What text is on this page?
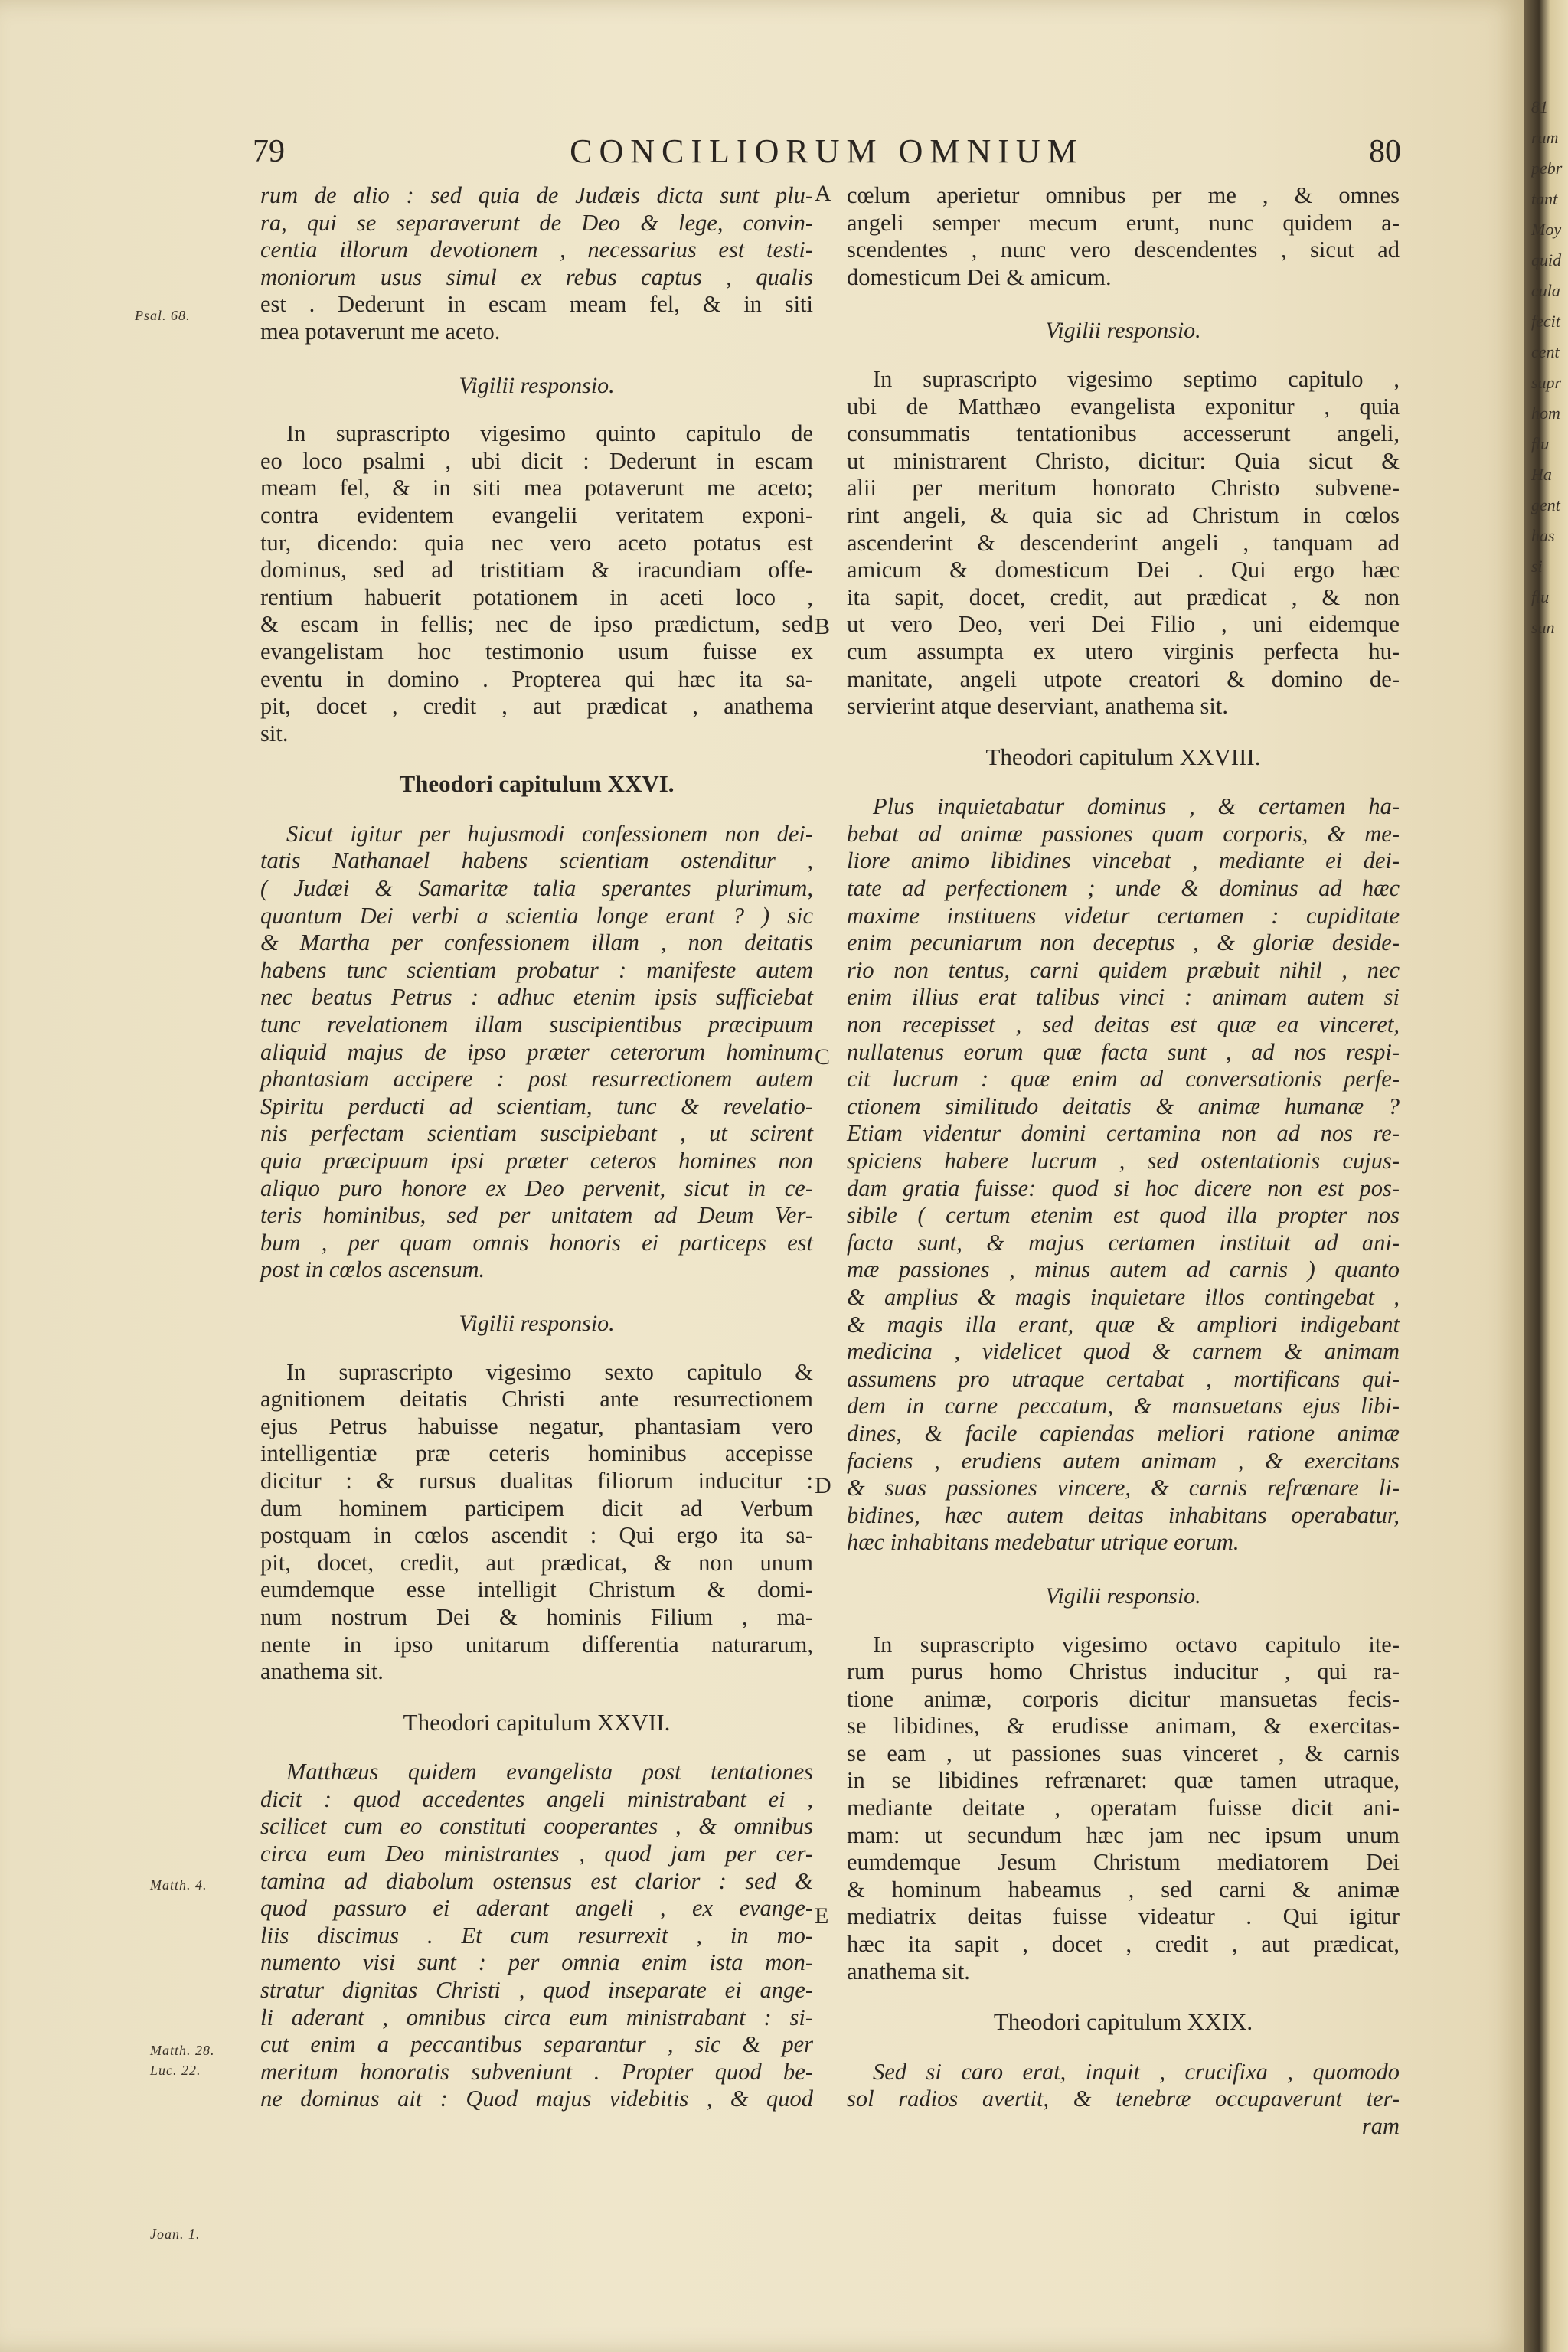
81
rum
pebr
tant
Moy
quid
cula
fecit
cent
supr
hom
flu
Ha
gent
has
si
flu
sun
79	CONCILIORUM OMNIUM	80
Psal. 68.
Matth. 4.
Matth. 28.
Luc. 22.
Joan. 1.
A
B
C
D
E
rum de alio : sed quia de Judæis dicta sunt plu-
ra, qui se separaverunt de Deo & lege, convin-
centia illorum devotionem , necessarius est testi-
moniorum usus simul ex rebus captus , qualis
est . Dederunt in escam meam fel, & in siti
mea potaverunt me aceto.
Vigilii responsio.
In suprascripto vigesimo quinto capitulo de
eo loco psalmi , ubi dicit : Dederunt in escam
meam fel, & in siti mea potaverunt me aceto;
contra evidentem evangelii veritatem exponi-
tur, dicendo: quia nec vero aceto potatus est
dominus, sed ad tristitiam & iracundiam offe-
rentium habuerit potationem in aceti loco ,
& escam in fellis; nec de ipso prædictum, sed
evangelistam hoc testimonio usum fuisse ex
eventu in domino . Propterea qui hæc ita sa-
pit, docet , credit , aut prædicat , anathema
sit.
Theodori capitulum XXVI.
Sicut igitur per hujusmodi confessionem non dei-
tatis Nathanael habens scientiam ostenditur ,
( Judæi & Samaritæ talia sperantes plurimum,
quantum Dei verbi a scientia longe erant ? ) sic
& Martha per confessionem illam , non deitatis
habens tunc scientiam probatur : manifeste autem
nec beatus Petrus : adhuc etenim ipsis sufficiebat
tunc revelationem illam suscipientibus præcipuum
aliquid majus de ipso præter ceterorum hominum
phantasiam accipere : post resurrectionem autem
Spiritu perducti ad scientiam, tunc & revelatio-
nis perfectam scientiam suscipiebant , ut scirent
quia præcipuum ipsi præter ceteros homines non
aliquo puro honore ex Deo pervenit, sicut in ce-
teris hominibus, sed per unitatem ad Deum Ver-
bum , per quam omnis honoris ei particeps est
post in cœlos ascensum.
Vigilii responsio.
In suprascripto vigesimo sexto capitulo &
agnitionem deitatis Christi ante resurrectionem
ejus Petrus habuisse negatur, phantasiam vero
intelligentiæ præ ceteris hominibus accepisse
dicitur : & rursus dualitas filiorum inducitur :
dum hominem participem dicit ad Verbum
postquam in cœlos ascendit : Qui ergo ita sa-
pit, docet, credit, aut prædicat, & non unum
eumdemque esse intelligit Christum & domi-
num nostrum Dei & hominis Filium , ma-
nente in ipso unitarum differentia naturarum,
anathema sit.
Theodori capitulum XXVII.
Matthæus quidem evangelista post tentationes
dicit : quod accedentes angeli ministrabant ei ,
scilicet cum eo constituti cooperantes , & omnibus
circa eum Deo ministrantes , quod jam per cer-
tamina ad diabolum ostensus est clarior : sed &
quod passuro ei aderant angeli , ex evange-
liis discimus . Et cum resurrexit , in mo-
numento visi sunt : per omnia enim ista mon-
stratur dignitas Christi , quod inseparate ei ange-
li aderant , omnibus circa eum ministrabant : si-
cut enim a peccantibus separantur , sic & per
meritum honoratis subveniunt . Propter quod be-
ne dominus ait : Quod majus videbitis , & quod
cœlum aperietur omnibus per me , & omnes
angeli semper mecum erunt, nunc quidem a-
scendentes , nunc vero descendentes , sicut ad
domesticum Dei & amicum.
Vigilii responsio.
In suprascripto vigesimo septimo capitulo ,
ubi de Matthæo evangelista exponitur , quia
consummatis tentationibus accesserunt angeli,
ut ministrarent Christo, dicitur: Quia sicut &
alii per meritum honorato Christo subvene-
rint angeli, & quia sic ad Christum in cœlos
ascenderint & descenderint angeli , tanquam ad
amicum & domesticum Dei . Qui ergo hæc
ita sapit, docet, credit, aut prædicat , & non
ut vero Deo, veri Dei Filio , uni eidemque
cum assumpta ex utero virginis perfecta hu-
manitate, angeli utpote creatori & domino de-
servierint atque deserviant, anathema sit.
Theodori capitulum XXVIII.
Plus inquietabatur dominus , & certamen ha-
bebat ad animæ passiones quam corporis, & me-
liore animo libidines vincebat , mediante ei dei-
tate ad perfectionem ; unde & dominus ad hæc
maxime instituens videtur certamen : cupiditate
enim pecuniarum non deceptus , & gloriæ deside-
rio non tentus, carni quidem præbuit nihil , nec
enim illius erat talibus vinci : animam autem si
non recepisset , sed deitas est quæ ea vinceret,
nullatenus eorum quæ facta sunt , ad nos respi-
cit lucrum : quæ enim ad conversationis perfe-
ctionem similitudo deitatis & animæ humanæ ?
Etiam videntur domini certamina non ad nos re-
spiciens habere lucrum , sed ostentationis cujus-
dam gratia fuisse: quod si hoc dicere non est pos-
sibile ( certum etenim est quod illa propter nos
facta sunt, & majus certamen instituit ad ani-
mæ passiones , minus autem ad carnis ) quanto
& amplius & magis inquietare illos contingebat ,
& magis illa erant, quæ & ampliori indigebant
medicina , videlicet quod & carnem & animam
assumens pro utraque certabat , mortificans qui-
dem in carne peccatum, & mansuetans ejus libi-
dines, & facile capiendas meliori ratione animæ
faciens , erudiens autem animam , & exercitans
& suas passiones vincere, & carnis refrænare li-
bidines, hæc autem deitas inhabitans operabatur,
hæc inhabitans medebatur utrique eorum.
Vigilii responsio.
In suprascripto vigesimo octavo capitulo ite-
rum purus homo Christus inducitur , qui ra-
tione animæ, corporis dicitur mansuetas fecis-
se libidines, & erudisse animam, & exercitas-
se eam , ut passiones suas vinceret , & carnis
in se libidines refrænaret: quæ tamen utraque,
mediante deitate , operatam fuisse dicit ani-
mam: ut secundum hæc jam nec ipsum unum
eumdemque Jesum Christum mediatorem Dei
& hominum habeamus , sed carni & animæ
mediatrix deitas fuisse videatur . Qui igitur
hæc ita sapit , docet , credit , aut prædicat,
anathema sit.
Theodori capitulum XXIX.
Sed si caro erat, inquit , crucifixa , quomodo
sol radios avertit, & tenebræ occupaverunt ter-
ram
